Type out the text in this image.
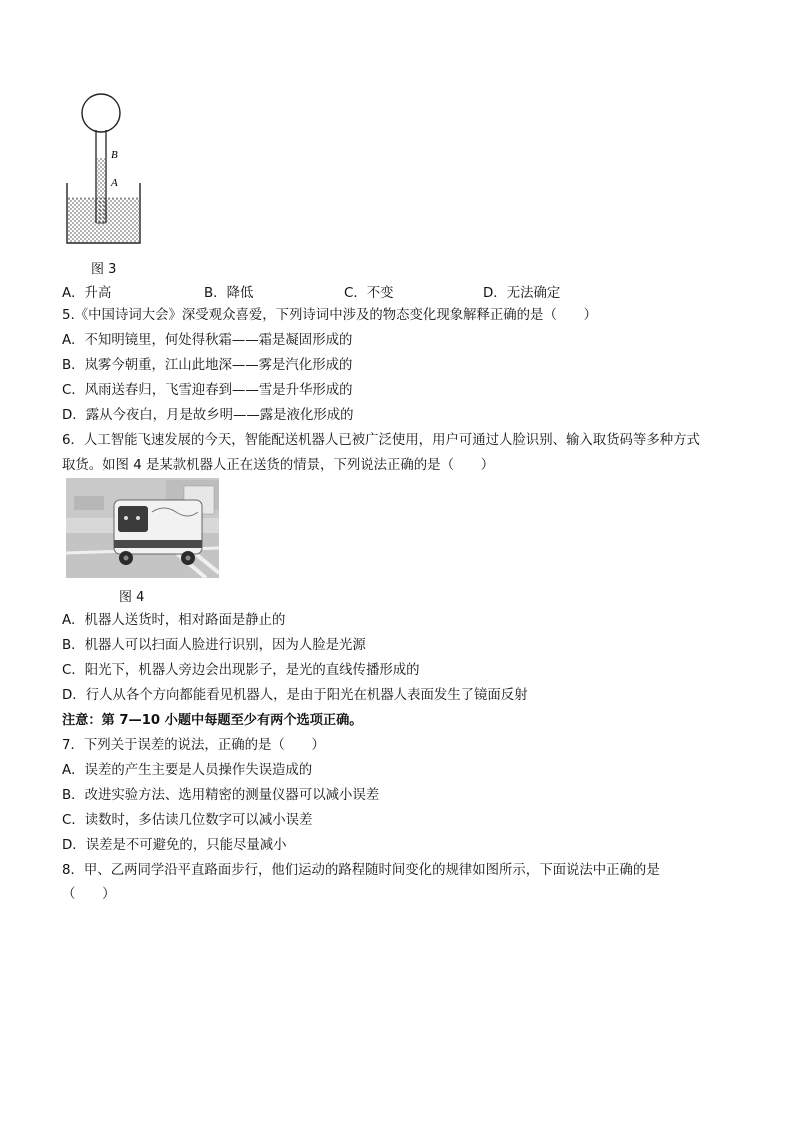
B
A
图 3
A．升高	B．降低	C．不变	D．无法确定
5.《中国诗词大会》深受观众喜爱，下列诗词中涉及的物态变化现象解释正确的是（　　）
A．不知明镜里，何处得秋霜——霜是凝固形成的
B．岚雾今朝重，江山此地深——雾是汽化形成的
C．风雨送春归，飞雪迎春到——雪是升华形成的
D．露从今夜白，月是故乡明——露是液化形成的
6．人工智能飞速发展的今天，智能配送机器人已被广泛使用，用户可通过人脸识别、输入取货码等多种方式
取货。如图 4 是某款机器人正在送货的情景，下列说法正确的是（　　）
图 4
A．机器人送货时，相对路面是静止的
B．机器人可以扫面人脸进行识别，因为人脸是光源
C．阳光下，机器人旁边会出现影子，是光的直线传播形成的
D．行人从各个方向都能看见机器人，是由于阳光在机器人表面发生了镜面反射
注意：第 7—10 小题中每题至少有两个选项正确。
7．下列关于误差的说法，正确的是（　　）
A．误差的产生主要是人员操作失误造成的
B．改进实验方法、选用精密的测量仪器可以减小误差
C．读数时，多估读几位数字可以减小误差
D．误差是不可避免的，只能尽量减小
8．甲、乙两同学沿平直路面步行，他们运动的路程随时间变化的规律如图所示，下面说法中正确的是
（　　）
